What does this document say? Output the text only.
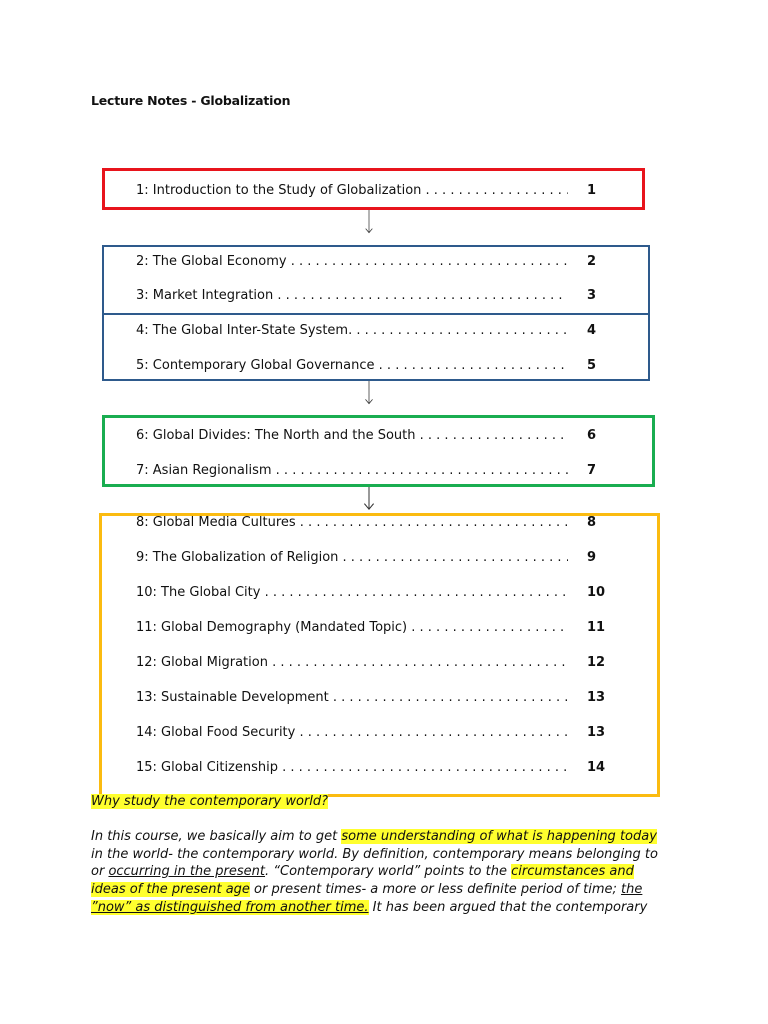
Lecture Notes - Globalization
1: Introduction to the Study of Globalization . . .	1
2: The Global Economy . . .	2
3: Market Integration . . .	3
4: The Global Inter-State System. . . .	4
5: Contemporary Global Governance . . .	5
6: Global Divides: The North and the South . . .	6
7: Asian Regionalism . . .	7
8: Global Media Cultures . . .	8
9: The Globalization of Religion . . .	9
10: The Global City . . .	10
11: Global Demography (Mandated Topic) . . .	11
12: Global Migration . . .	12
13: Sustainable Development . . .	13
14: Global Food Security . . .	13
15: Global Citizenship . . .	14
Why study the contemporary world?
In this course, we basically aim to get some understanding of what is happening today
in the world- the contemporary world. By definition, contemporary means belonging to
or occurring in the present. “Contemporary world” points to the circumstances and
ideas of the present age or present times- a more or less definite period of time; the
”now” as distinguished from another time. It has been argued that the contemporary
